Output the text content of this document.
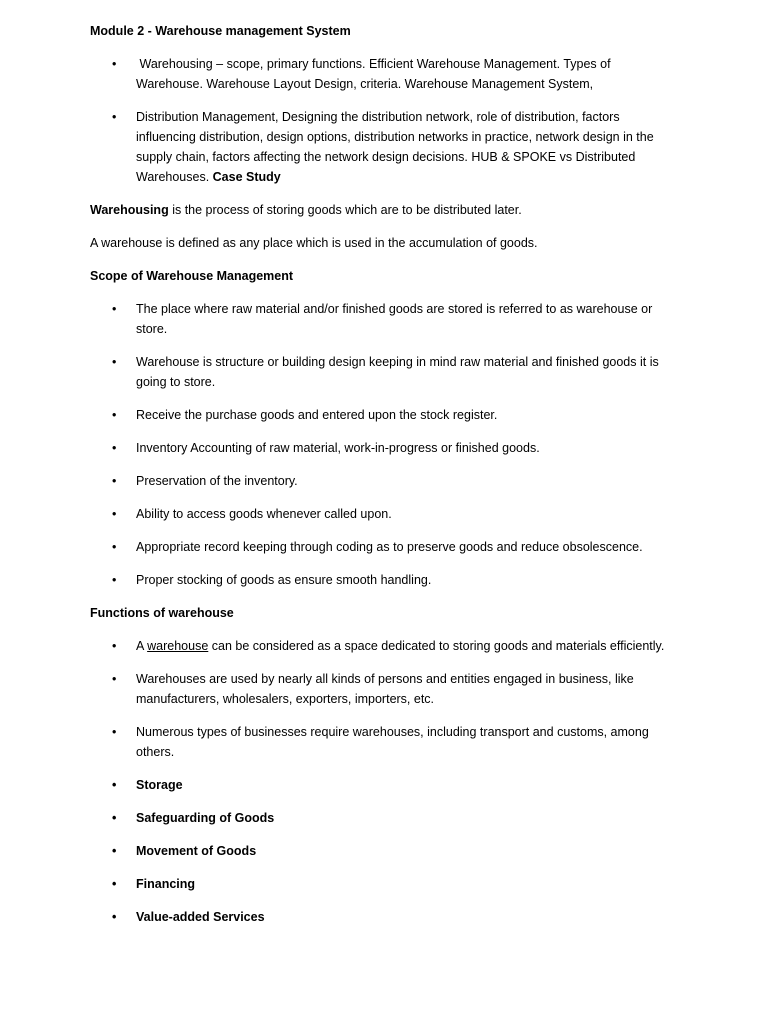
Module 2 - Warehouse management System

• Warehousing – scope, primary functions. Efficient Warehouse Management. Types of Warehouse. Warehouse Layout Design, criteria. Warehouse Management System,
• Distribution Management, Designing the distribution network, role of distribution, factors influencing distribution, design options, distribution networks in practice, network design in the supply chain, factors affecting the network design decisions. HUB & SPOKE vs Distributed Warehouses. Case Study

Warehousing is the process of storing goods which are to be distributed later.

A warehouse is defined as any place which is used in the accumulation of goods.

Scope of Warehouse Management

• The place where raw material and/or finished goods are stored is referred to as warehouse or store.
• Warehouse is structure or building design keeping in mind raw material and finished goods it is going to store.
• Receive the purchase goods and entered upon the stock register.
• Inventory Accounting of raw material, work-in-progress or finished goods.
• Preservation of the inventory.
• Ability to access goods whenever called upon.
• Appropriate record keeping through coding as to preserve goods and reduce obsolescence.
• Proper stocking of goods as ensure smooth handling.

Functions of warehouse

• A warehouse can be considered as a space dedicated to storing goods and materials efficiently.
• Warehouses are used by nearly all kinds of persons and entities engaged in business, like manufacturers, wholesalers, exporters, importers, etc.
• Numerous types of businesses require warehouses, including transport and customs, among others.
• Storage
• Safeguarding of Goods
• Movement of Goods
• Financing
• Value-added Services
